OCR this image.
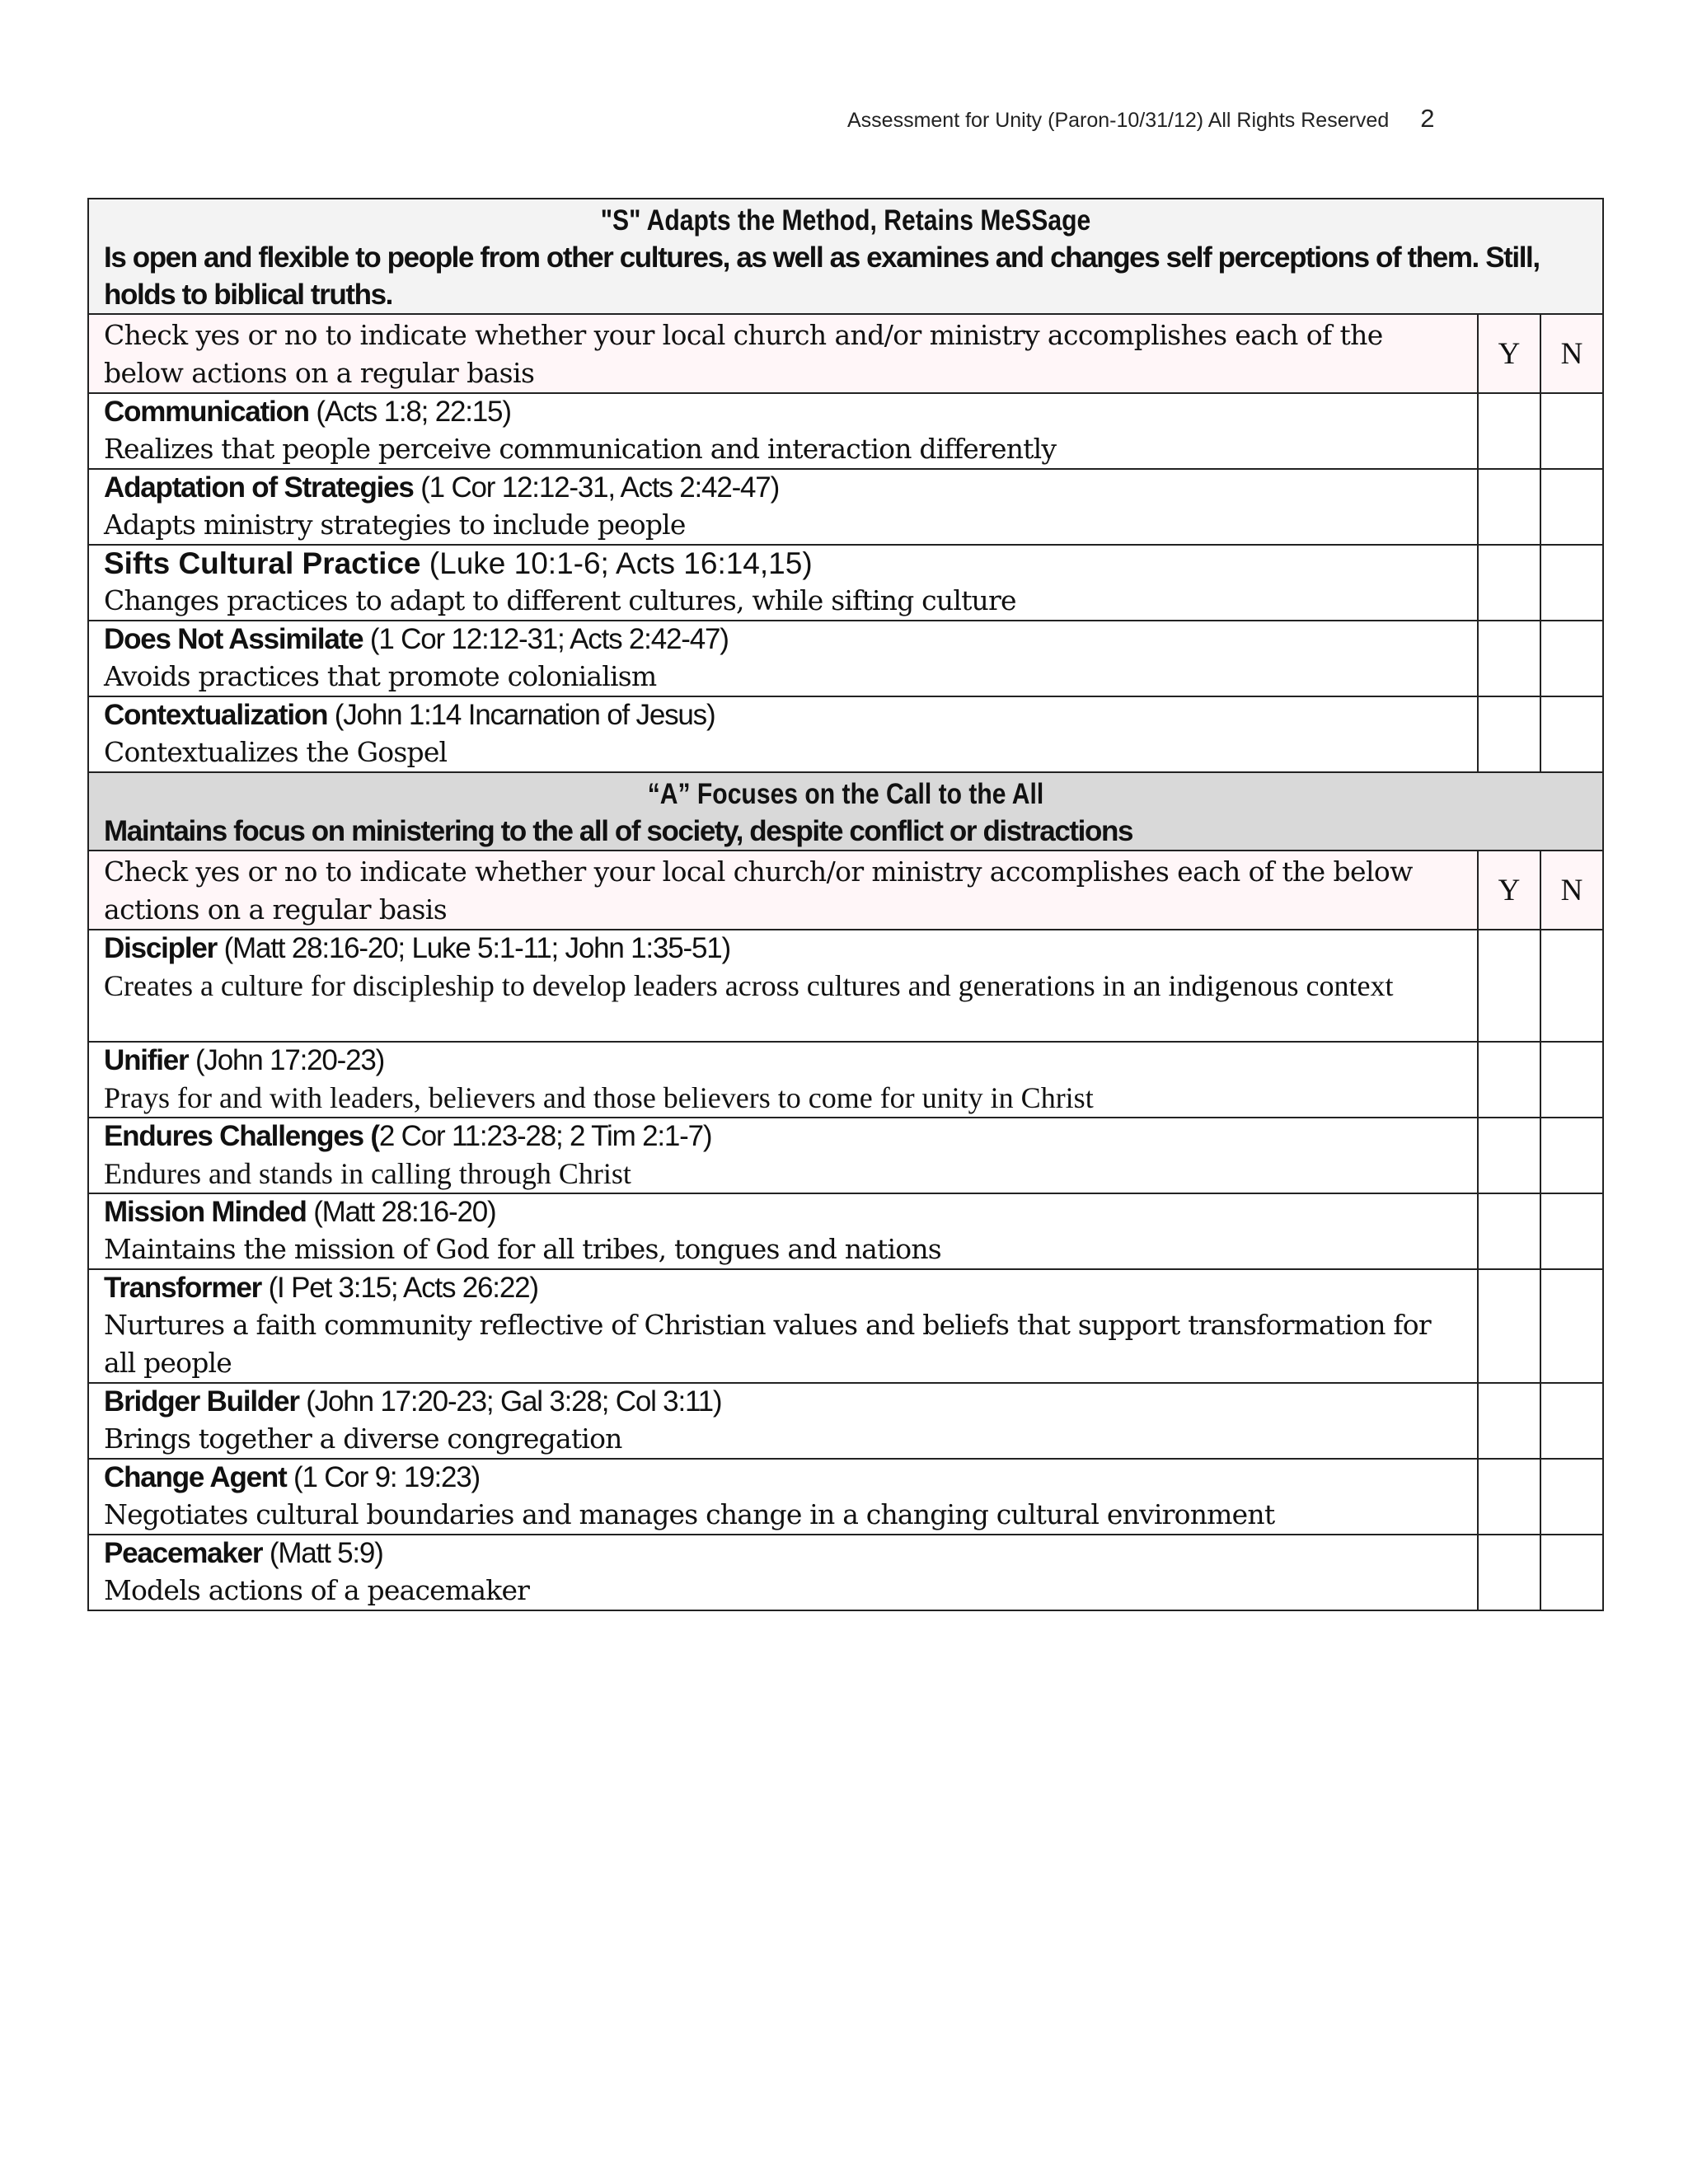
Assessment for Unity (Paron-10/31/12) All Rights Reserved 2
"S" Adapts the Method, Retains MeSSage
Is open and flexible to people from other cultures, as well as examines and changes self perceptions of them. Still, holds to biblical truths.		

Check yes or no to indicate whether your local church and/or ministry accomplishes each of the below actions on a regular basis	Y	N

Communication (Acts 1:8; 22:15)
Realizes that people perceive communication and interaction differently		

Adaptation of Strategies (1 Cor 12:12-31, Acts 2:42-47)
Adapts ministry strategies to include people		

Sifts Cultural Practice (Luke 10:1-6; Acts 16:14,15)
Changes practices to adapt to different cultures, while sifting culture		

Does Not Assimilate (1 Cor 12:12-31; Acts 2:42-47)
Avoids practices that promote colonialism		

Contextualization (John 1:14 Incarnation of Jesus)
Contextualizes the Gospel		

“A” Focuses on the Call to the All
Maintains focus on ministering to the all of society, despite conflict or distractions		

Check yes or no to indicate whether your local church/or ministry accomplishes each of the below actions on a regular basis	Y	N

Discipler (Matt 28:16-20; Luke 5:1-11; John 1:35-51)
Creates a culture for discipleship to develop leaders across cultures and generations in an indigenous context		

Unifier (John 17:20-23)
Prays for and with leaders, believers and those believers to come for unity in Christ		

Endures Challenges (2 Cor 11:23-28; 2 Tim 2:1-7)
Endures and stands in calling through Christ		

Mission Minded (Matt 28:16-20)
Maintains the mission of God for all tribes, tongues and nations		

Transformer (I Pet 3:15; Acts 26:22)
Nurtures a faith community reflective of Christian values and beliefs that support transformation for all people		

Bridger Builder (John 17:20-23; Gal 3:28; Col 3:11)
Brings together a diverse congregation		

Change Agent (1 Cor 9: 19:23)
Negotiates cultural boundaries and manages change in a changing cultural environment		

Peacemaker (Matt 5:9)
Models actions of a peacemaker		
